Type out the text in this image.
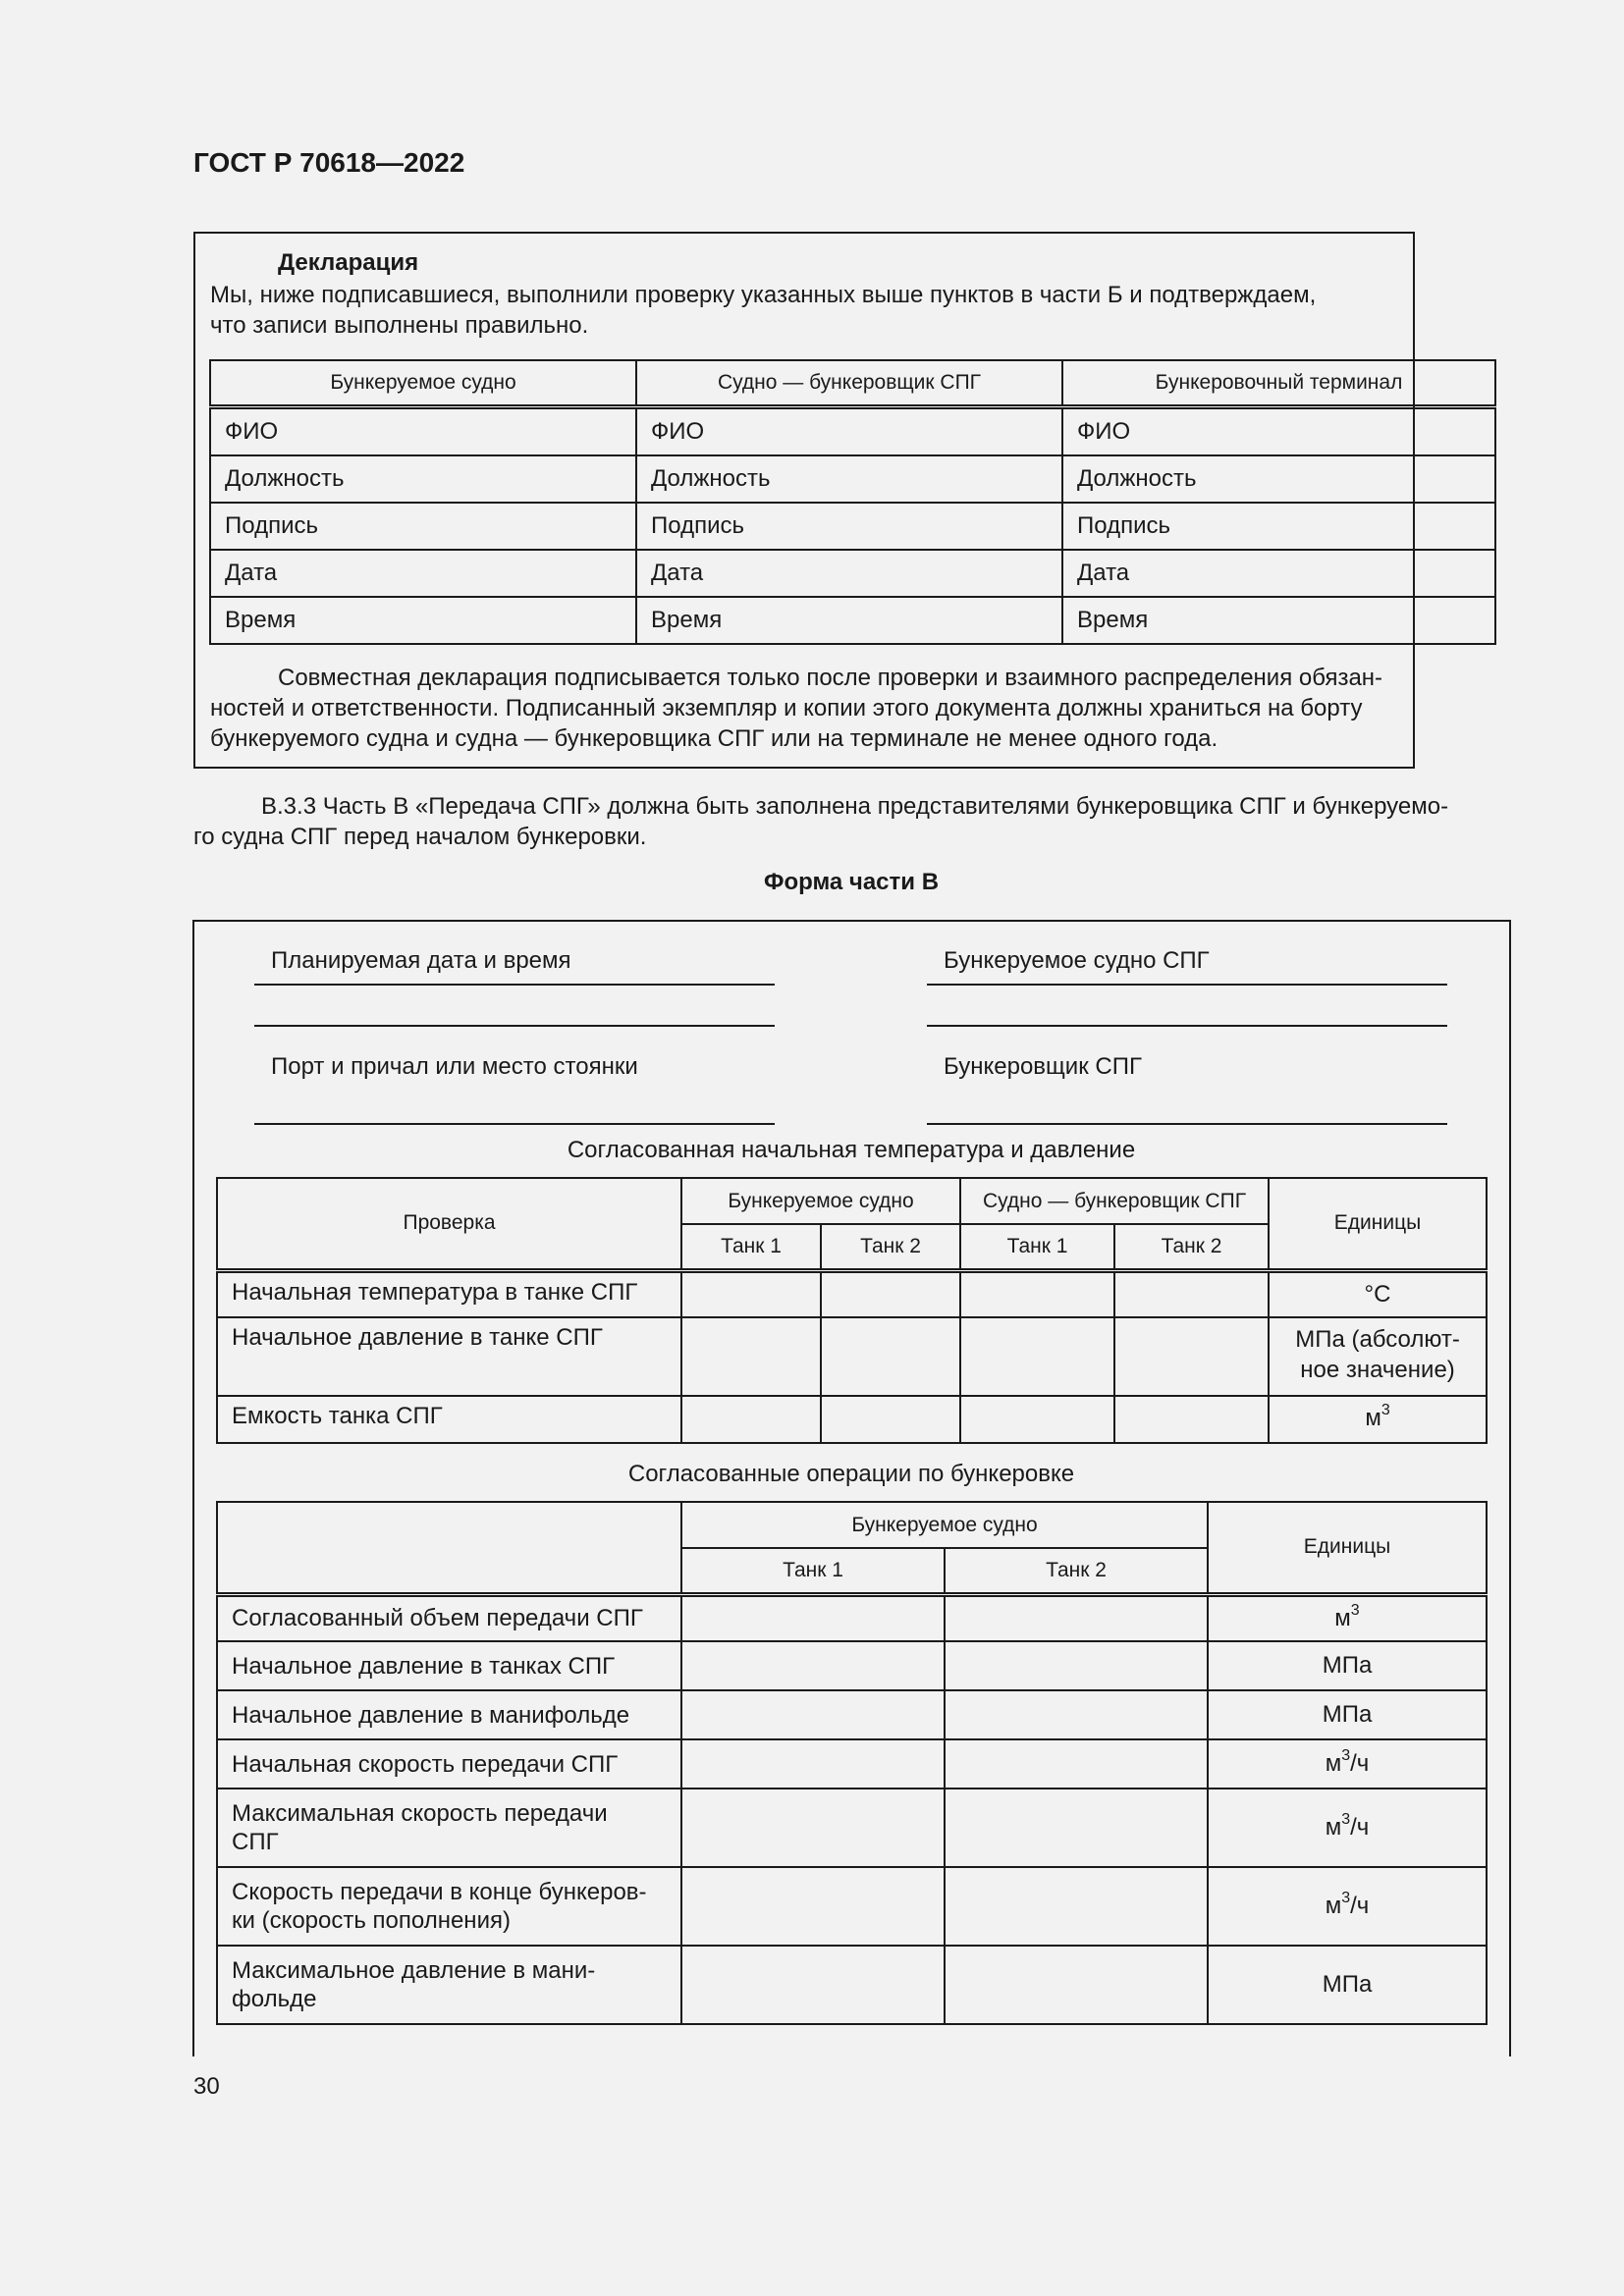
ГОСТ Р 70618—2022
Декларация
Мы, ниже подписавшиеся, выполнили проверку указанных выше пунктов в части Б и подтверждаем,
что записи выполнены правильно.
Бункеруемое судно	Судно — бункеровщик СПГ	Бункеровочный терминал
ФИО	ФИО	ФИО
Должность	Должность	Должность
Подпись	Подпись	Подпись
Дата	Дата	Дата
Время	Время	Время
Совместная декларация подписывается только после проверки и взаимного распределения обязан-
ностей и ответственности. Подписанный экземпляр и копии этого документа должны храниться на борту
бункеруемого судна и судна — бункеровщика СПГ или на терминале не менее одного года.
В.3.3 Часть В «Передача СПГ» должна быть заполнена представителями бункеровщика СПГ и бункеруемо-
го судна СПГ перед началом бункеровки.
Форма части В
Планируемая дата и время	Бункеруемое судно СПГ
Порт и причал или место стоянки	Бункеровщик СПГ
Согласованная начальная температура и давление
Проверка	Бункеруемое судно		Судно — бункеровщик СПГ		Единицы
	Танк 1	Танк 2	Танк 1	Танк 2	
Начальная температура в танке СПГ					°C
Начальное давление в танке СПГ					МПа (абсолют-
ное значение)

Емкость танка СПГ					$м^3$
Согласованные операции по бункеровке
	Бункеруемое судно		Единицы
	Танк 1	Танк 2	
Согласованный объем передачи СПГ			$м^3$
Начальное давление в танках СПГ			МПа
Начальное давление в манифольде			МПа
Начальная скорость передачи СПГ			$м^3/ч$

Максимальная скорость передачи
СПГ			$м^3/ч$

Скорость передачи в конце бункеров-
ки (скорость пополнения)			$м^3/ч$

Максимальное давление в мани-
фольде			МПа
30
